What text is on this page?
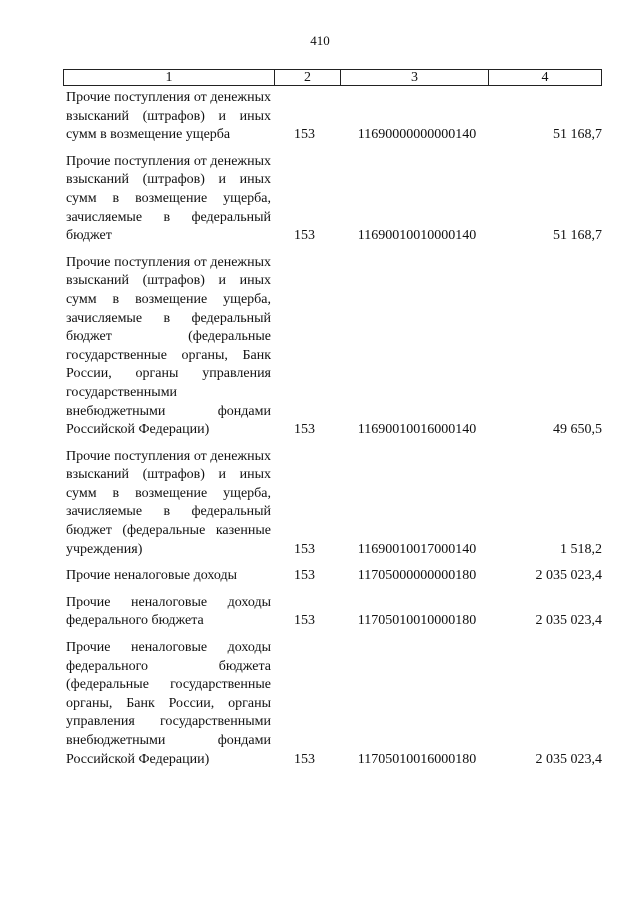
410
1	2	3	4
Прочие поступления от денежных взысканий (штрафов) и иных сумм в возмещение ущерба	153	11690000000000140	51 168,7
Прочие поступления от денежных взысканий (штрафов) и иных сумм в возмещение ущерба, зачисляемые в федеральный бюджет	153	11690010010000140	51 168,7
Прочие поступления от денежных взысканий (штрафов) и иных сумм в возмещение ущерба, зачисляемые в федеральный бюджет (федеральные государственные органы, Банк России, органы управления государственными внебюджетными фондами Российской Федерации)	153	11690010016000140	49 650,5
Прочие поступления от денежных взысканий (штрафов) и иных сумм в возмещение ущерба, зачисляемые в федеральный бюджет (федеральные казенные учреждения)	153	11690010017000140	1 518,2
Прочие неналоговые доходы	153	11705000000000180	2 035 023,4
Прочие неналоговые доходы федерального бюджета	153	11705010010000180	2 035 023,4
Прочие неналоговые доходы федерального бюджета (федеральные государственные органы, Банк России, органы управления государственными внебюджетными фондами Российской Федерации)	153	11705010016000180	2 035 023,4
